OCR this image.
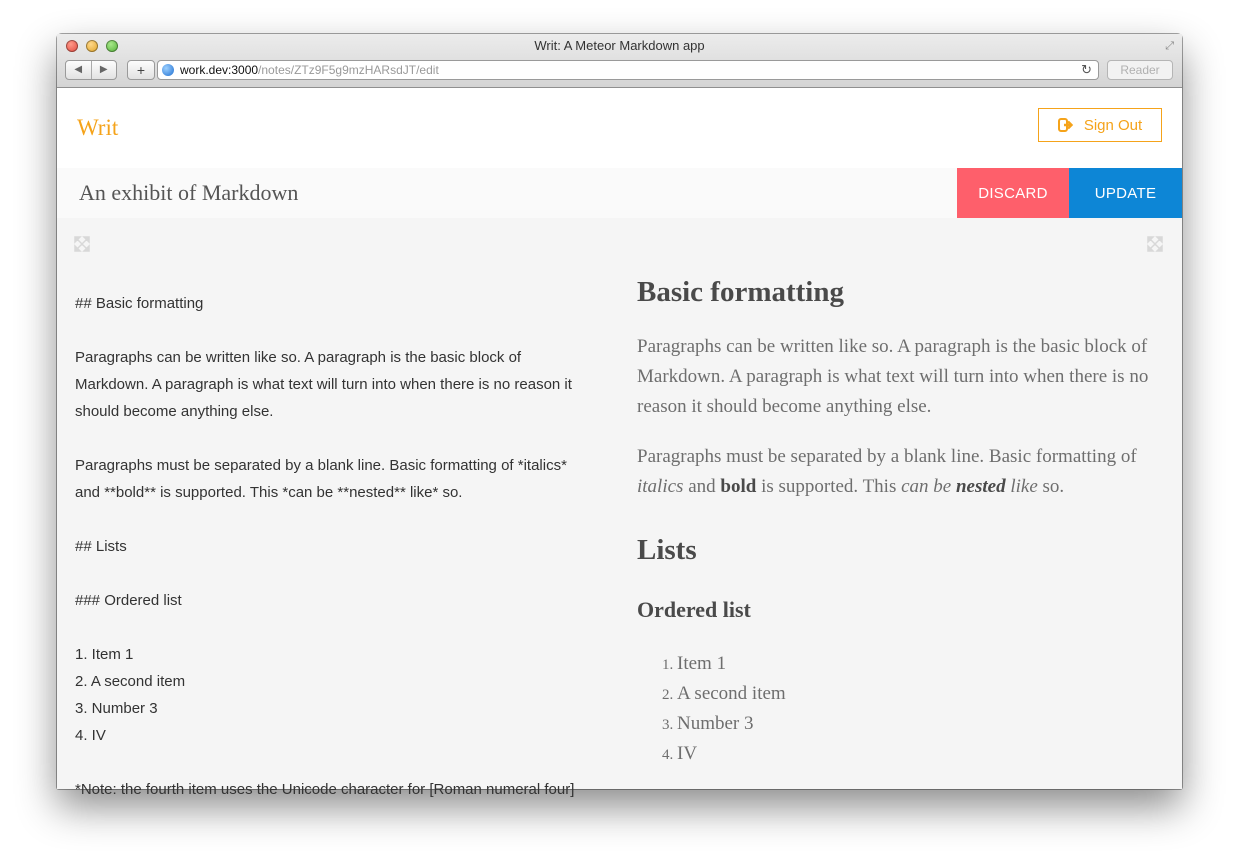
Writ: A Meteor Markdown app	⤢
◀	▶	+	work.dev:3000/notes/ZTz9F5g9mzHARsdJT/edit	↻	Reader
Writ	Sign Out
An exhibit of Markdown	DISCARD	UPDATE
## Basic formatting
Paragraphs can be written like so. A paragraph is the basic block of
Markdown. A paragraph is what text will turn into when there is no reason it
should become anything else.
Paragraphs must be separated by a blank line. Basic formatting of *italics*
and **bold** is supported. This *can be **nested** like* so.
## Lists
### Ordered list
1. Item 1
2. A second item
3. Number 3
4. IV
*Note: the fourth item uses the Unicode character for [Roman numeral four]
Basic formatting

Paragraphs can be written like so. A paragraph is the basic block of Markdown. A paragraph is what text will turn into when there is no reason it should become anything else.

Paragraphs must be separated by a blank line. Basic formatting of italics and bold is supported. This can be nested like so.

Lists
Ordered list
1. Item 1
2. A second item
3. Number 3
4. IV
